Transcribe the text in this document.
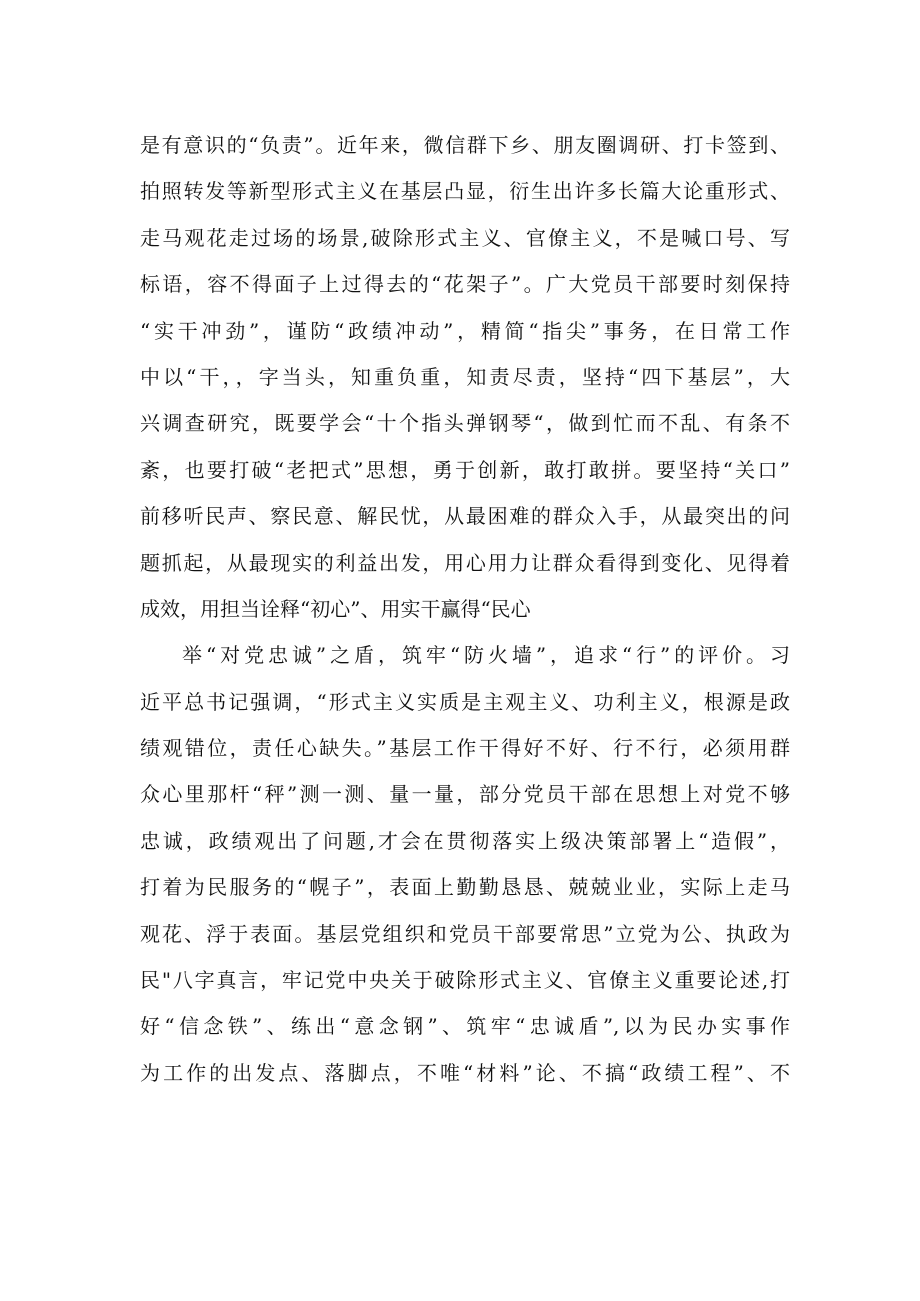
是有意识的“负责”。近年来，微信群下乡、朋友圈调研、打卡签到、
拍照转发等新型形式主义在基层凸显，衍生出许多长篇大论重形式、
走马观花走过场的场景,破除形式主义、官僚主义，不是喊口号、写
标语，容不得面子上过得去的“花架子”。广大党员干部要时刻保持
“实干冲劲”，谨防“政绩冲动”，精简“指尖”事务，在日常工作
中以“干，，字当头，知重负重，知责尽责，坚持“四下基层”，大
兴调查研究，既要学会“十个指头弹钢琴“，做到忙而不乱、有条不
紊，也要打破“老把式”思想，勇于创新，敢打敢拼。要坚持“关口”
前移听民声、察民意、解民忧，从最困难的群众入手，从最突出的问
题抓起，从最现实的利益出发，用心用力让群众看得到变化、见得着
成效，用担当诠释“初心”、用实干赢得“民心
举“对党忠诚”之盾，筑牢“防火墙”，追求“行”的评价。习
近平总书记强调，“形式主义实质是主观主义、功利主义，根源是政
绩观错位，责任心缺失。”基层工作干得好不好、行不行，必须用群
众心里那杆“秤”测一测、量一量，部分党员干部在思想上对党不够
忠诚，政绩观出了问题,才会在贯彻落实上级决策部署上“造假”，
打着为民服务的“幌子”，表面上勤勤恳恳、兢兢业业，实际上走马
观花、浮于表面。基层党组织和党员干部要常思”立党为公、执政为
民"八字真言，牢记党中央关于破除形式主义、官僚主义重要论述,打
好“信念铁”、练出“意念钢”、筑牢“忠诚盾”,以为民办实事作
为工作的出发点、落脚点，不唯“材料”论、不搞“政绩工程”、不
